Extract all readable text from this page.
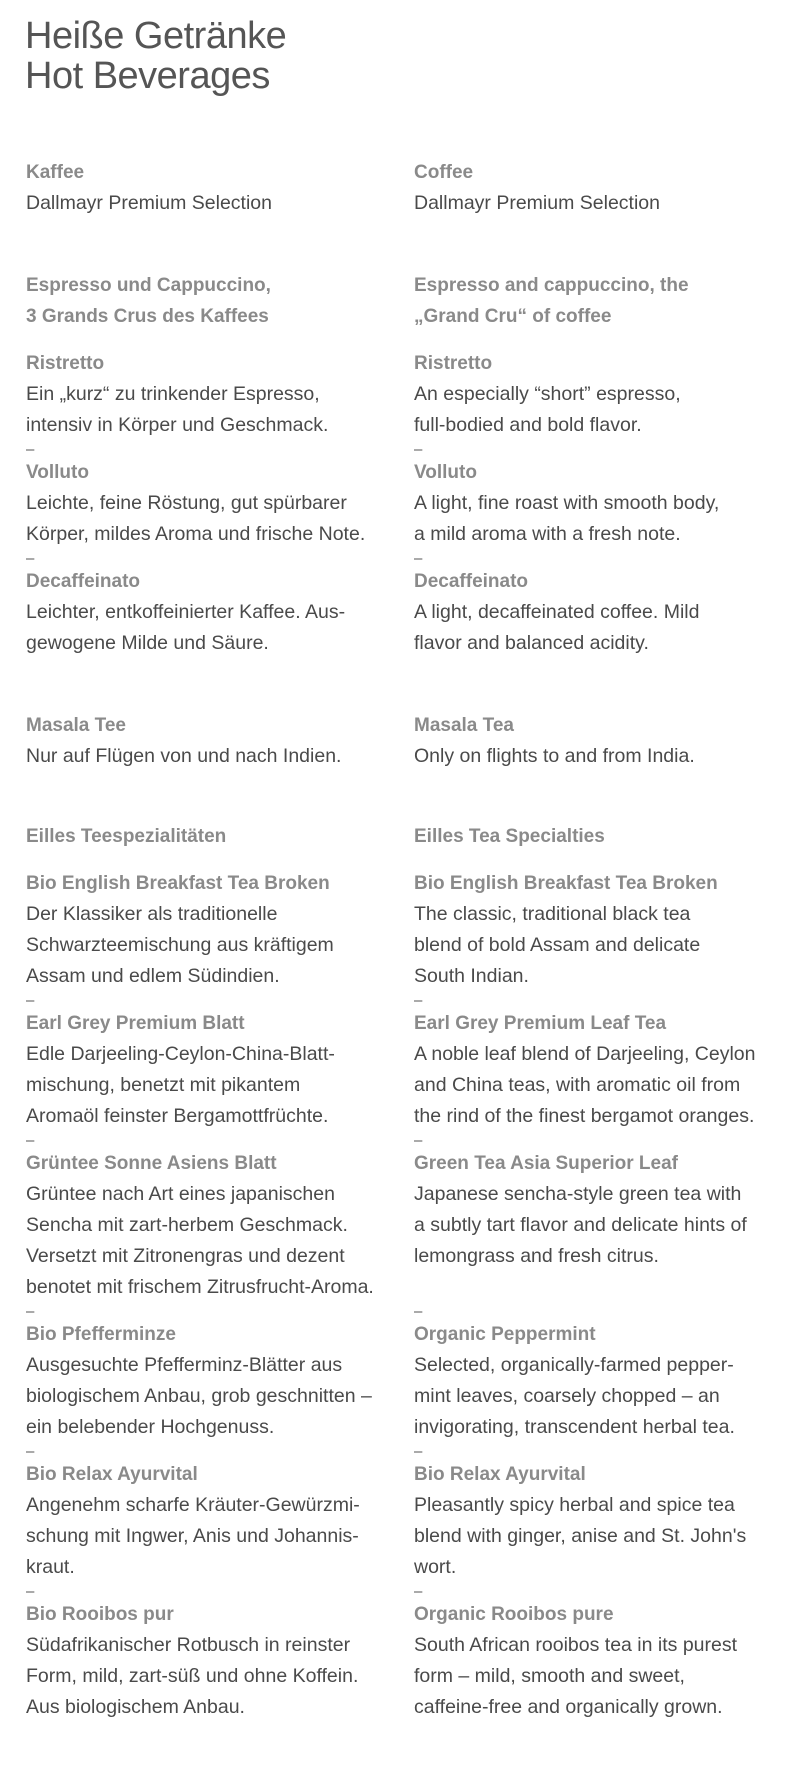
Heiße Getränke
Hot Beverages
Kaffee
Dallmayr Premium Selection
Espresso und Cappuccino,
3 Grands Crus des Kaffees
Ristretto
Ein „kurz“ zu trinkender Espresso,
intensiv in Körper und Geschmack.
–
Volluto
Leichte, feine Röstung, gut spürbarer
Körper, mildes Aroma und frische Note.
–
Decaffeinato
Leichter, entkoffeinierter Kaffee. Aus-
gewogene Milde und Säure.
Masala Tee
Nur auf Flügen von und nach Indien.
Eilles Teespezialitäten
Bio English Breakfast Tea Broken
Der Klassiker als traditionelle
Schwarzteemischung aus kräftigem
Assam und edlem Südindien.
–
Earl Grey Premium Blatt
Edle Darjeeling-Ceylon-China-Blatt-
mischung, benetzt mit pikantem
Aromaöl feinster Bergamottfrüchte.
–
Grüntee Sonne Asiens Blatt
Grüntee nach Art eines japanischen
Sencha mit zart-herbem Geschmack.
Versetzt mit Zitronengras und dezent
benotet mit frischem Zitrusfrucht-Aroma.
–
Bio Pfefferminze
Ausgesuchte Pfefferminz-Blätter aus
biologischem Anbau, grob geschnitten –
ein belebender Hochgenuss.
–
Bio Relax Ayurvital
Angenehm scharfe Kräuter-Gewürzmi-
schung mit Ingwer, Anis und Johannis-
kraut.
–
Bio Rooibos pur
Südafrikanischer Rotbusch in reinster
Form, mild, zart-süß und ohne Koffein.
Aus biologischem Anbau.
Coffee
Dallmayr Premium Selection
Espresso and cappuccino, the
„Grand Cru“ of coffee
Ristretto
An especially “short” espresso,
full-bodied and bold flavor.
–
Volluto
A light, fine roast with smooth body,
a mild aroma with a fresh note.
–
Decaffeinato
A light, decaffeinated coffee. Mild
flavor and balanced acidity.
Masala Tea
Only on flights to and from India.
Eilles Tea Specialties
Bio English Breakfast Tea Broken
The classic, traditional black tea
blend of bold Assam and delicate
South Indian.
–
Earl Grey Premium Leaf Tea
A noble leaf blend of Darjeeling, Ceylon
and China teas, with aromatic oil from
the rind of the finest bergamot oranges.
–
Green Tea Asia Superior Leaf
Japanese sencha-style green tea with
a subtly tart flavor and delicate hints of
lemongrass and fresh citrus.
–
Organic Peppermint
Selected, organically-farmed pepper-
mint leaves, coarsely chopped – an
invigorating, transcendent herbal tea.
–
Bio Relax Ayurvital
Pleasantly spicy herbal and spice tea
blend with ginger, anise and St. John's
wort.
–
Organic Rooibos pure
South African rooibos tea in its purest
form – mild, smooth and sweet,
caffeine-free and organically grown.
